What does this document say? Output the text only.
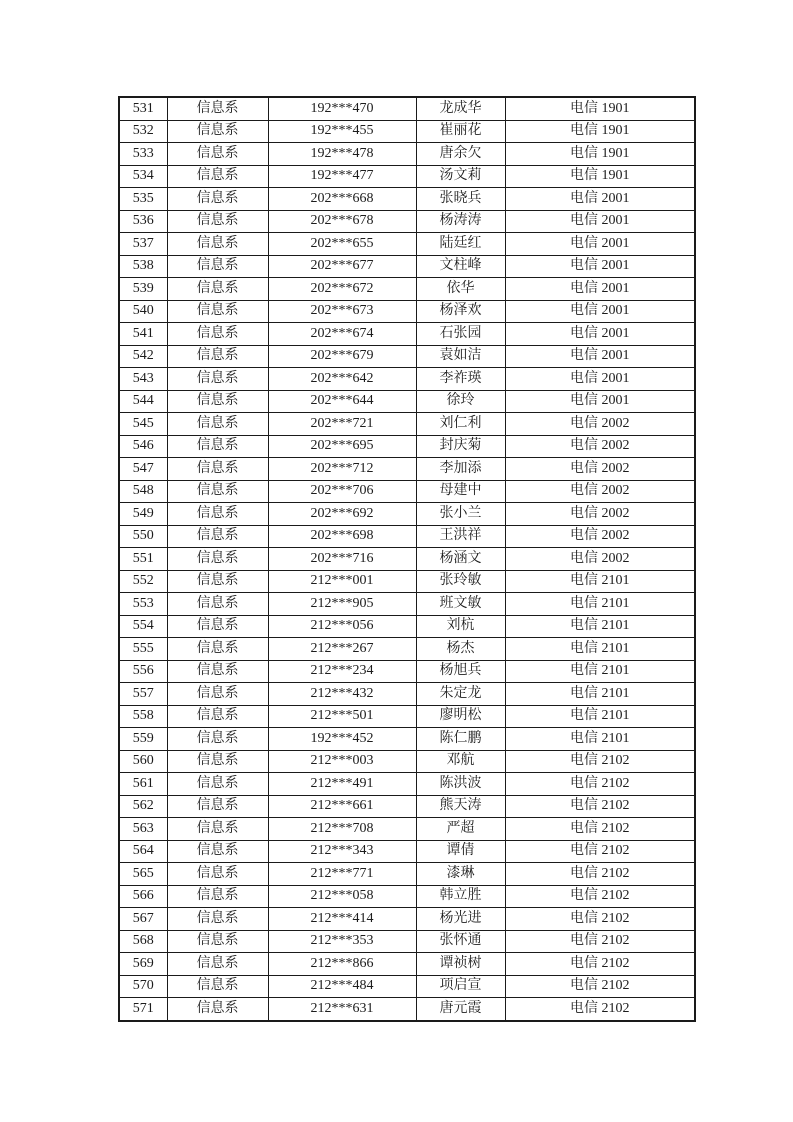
531	信息系	192***470	龙成华	电信 1901
532	信息系	192***455	崔丽花	电信 1901
533	信息系	192***478	唐余欠	电信 1901
534	信息系	192***477	汤文莉	电信 1901
535	信息系	202***668	张晓兵	电信 2001
536	信息系	202***678	杨涛涛	电信 2001
537	信息系	202***655	陆廷红	电信 2001
538	信息系	202***677	文柱峰	电信 2001
539	信息系	202***672	依华	电信 2001
540	信息系	202***673	杨泽欢	电信 2001
541	信息系	202***674	石张园	电信 2001
542	信息系	202***679	袁如洁	电信 2001
543	信息系	202***642	李祚瑛	电信 2001
544	信息系	202***644	徐玲	电信 2001
545	信息系	202***721	刘仁利	电信 2002
546	信息系	202***695	封庆菊	电信 2002
547	信息系	202***712	李加添	电信 2002
548	信息系	202***706	母建中	电信 2002
549	信息系	202***692	张小兰	电信 2002
550	信息系	202***698	王洪祥	电信 2002
551	信息系	202***716	杨涵文	电信 2002
552	信息系	212***001	张玲敏	电信 2101
553	信息系	212***905	班文敏	电信 2101
554	信息系	212***056	刘杭	电信 2101
555	信息系	212***267	杨杰	电信 2101
556	信息系	212***234	杨旭兵	电信 2101
557	信息系	212***432	朱定龙	电信 2101
558	信息系	212***501	廖明松	电信 2101
559	信息系	192***452	陈仁鹏	电信 2101
560	信息系	212***003	邓航	电信 2102
561	信息系	212***491	陈洪波	电信 2102
562	信息系	212***661	熊天涛	电信 2102
563	信息系	212***708	严超	电信 2102
564	信息系	212***343	谭倩	电信 2102
565	信息系	212***771	漆琳	电信 2102
566	信息系	212***058	韩立胜	电信 2102
567	信息系	212***414	杨光进	电信 2102
568	信息系	212***353	张怀通	电信 2102
569	信息系	212***866	谭祯树	电信 2102
570	信息系	212***484	项启宣	电信 2102
571	信息系	212***631	唐元霞	电信 2102
